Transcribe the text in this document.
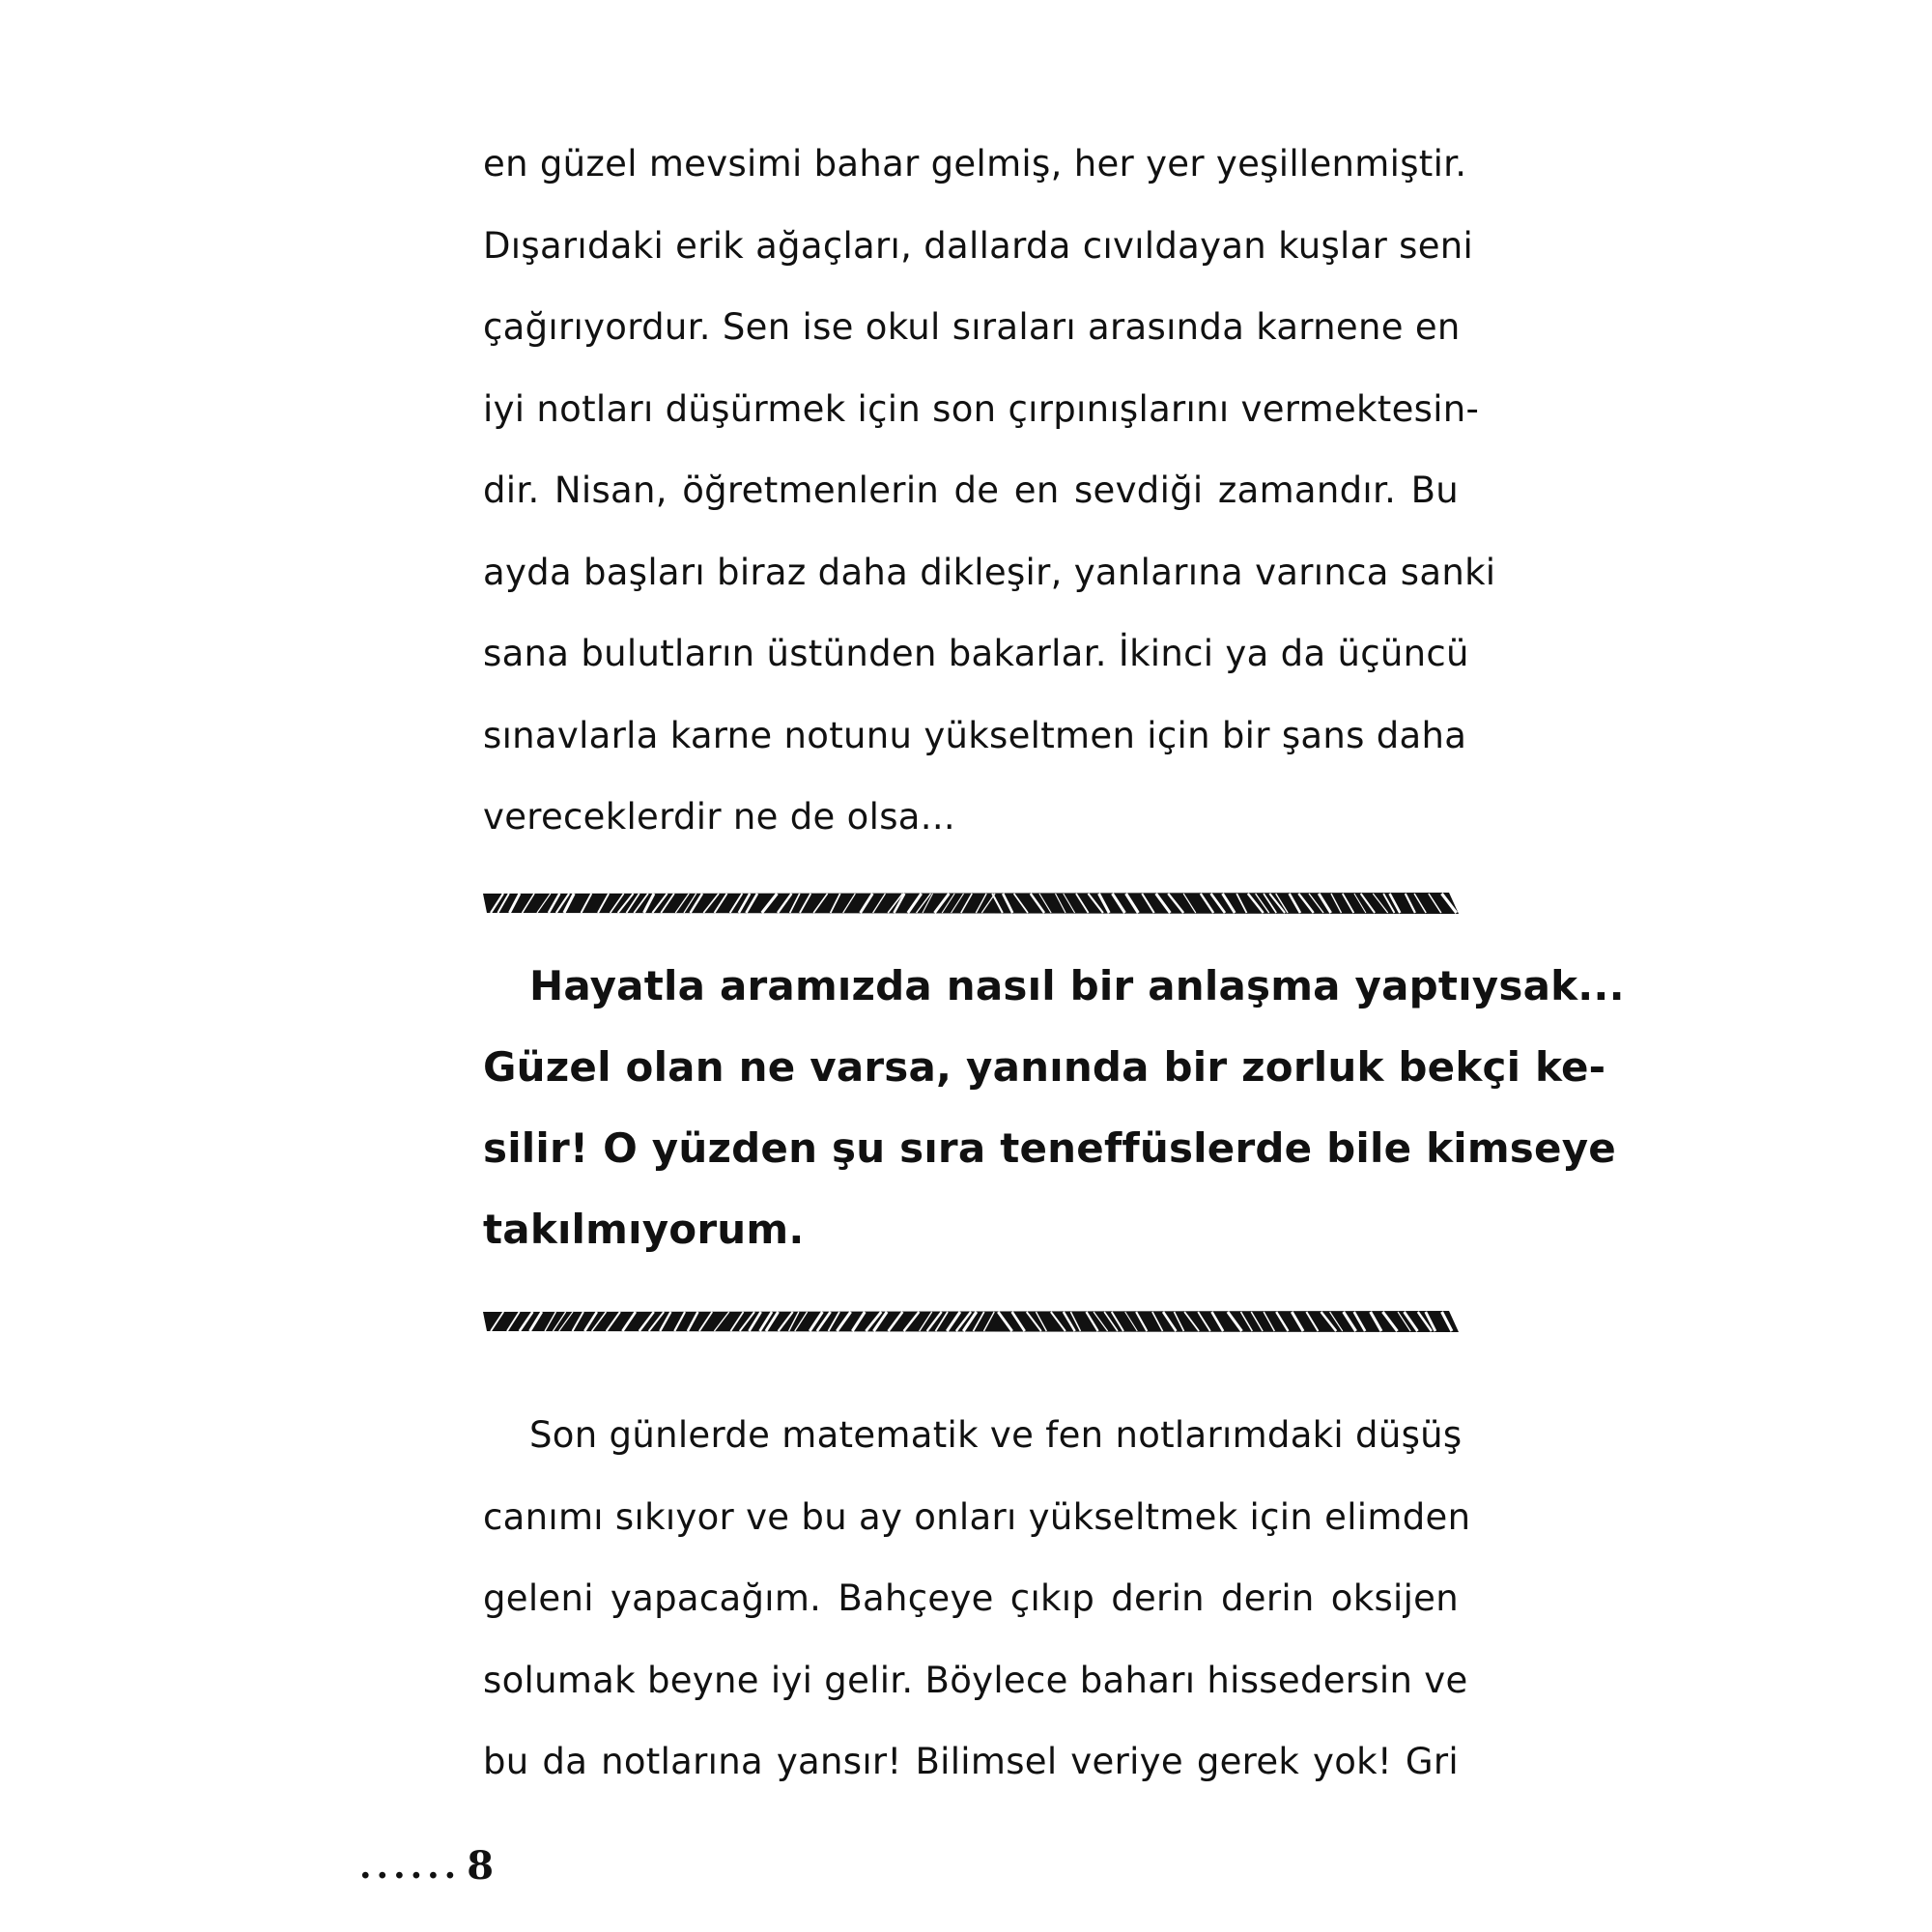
en güzel mevsimi bahar gelmiş, her yer yeşillenmiştir.
Dışarıdaki erik ağaçları, dallarda cıvıldayan kuşlar seni
çağırıyordur. Sen ise okul sıraları arasında karnene en
iyi notları düşürmek için son çırpınışlarını vermektesin-
dir. Nisan, öğretmenlerin de en sevdiği zamandır. Bu
ayda başları biraz daha dikleşir, yanlarına varınca sanki
sana bulutların üstünden bakarlar. İkinci ya da üçüncü
sınavlarla karne notunu yükseltmen için bir şans daha
vereceklerdir ne de olsa...
Hayatla aramızda nasıl bir anlaşma yaptıysak...
Güzel olan ne varsa, yanında bir zorluk bekçi ke-
silir! O yüzden şu sıra teneffüslerde bile kimseye
takılmıyorum.
Son günlerde matematik ve fen notlarımdaki düşüş
canımı sıkıyor ve bu ay onları yükseltmek için elimden
geleni yapacağım. Bahçeye çıkıp derin derin oksijen
solumak beyne iyi gelir. Böylece baharı hissedersin ve
bu da notlarına yansır! Bilimsel veriye gerek yok! Gri
...... 8
